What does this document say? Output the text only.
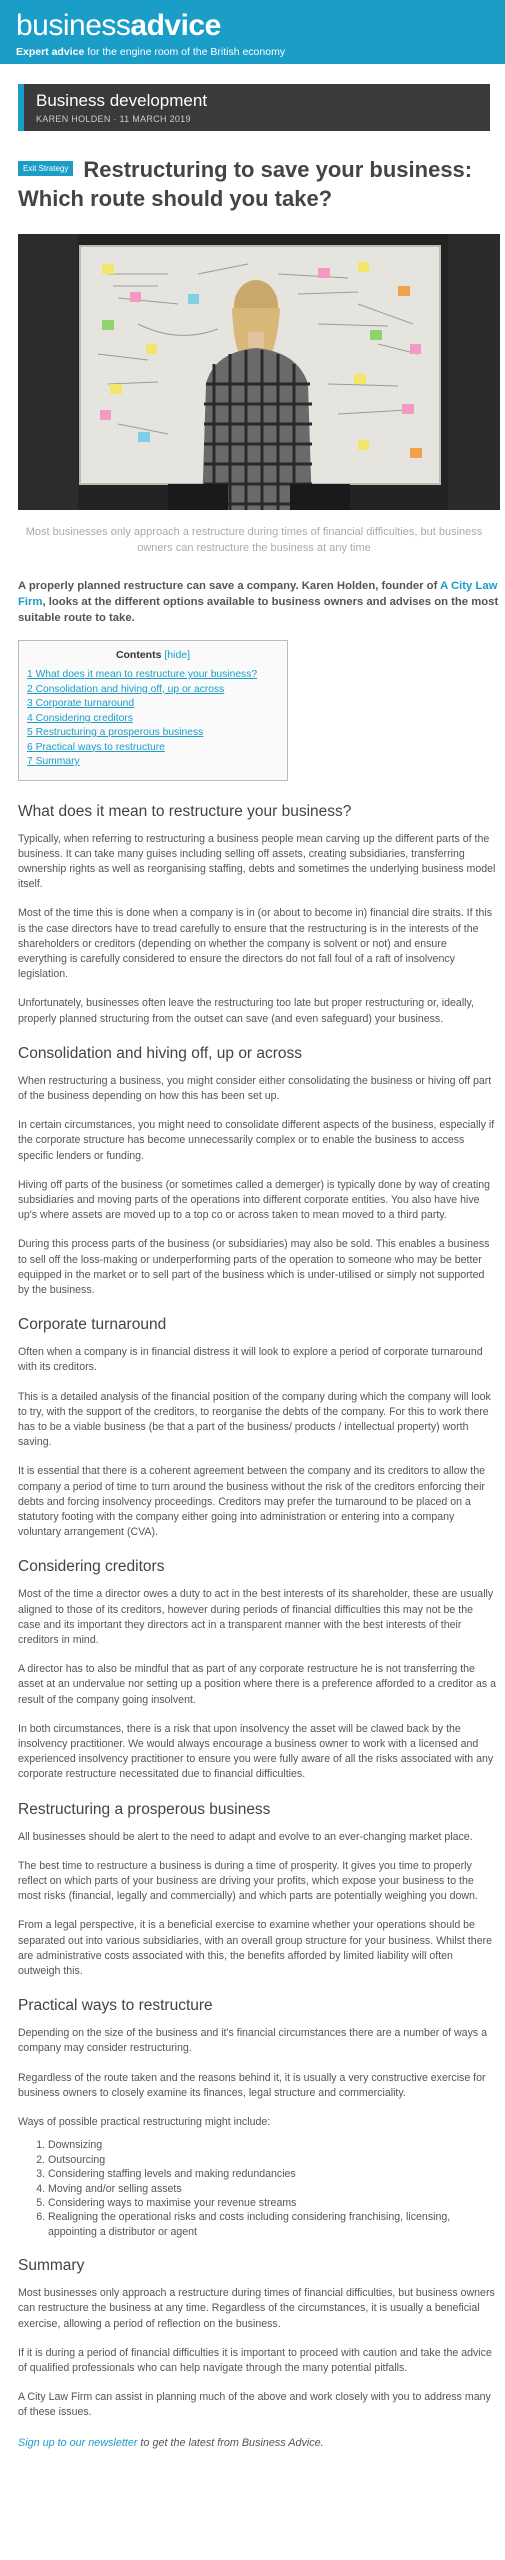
businessadvice
Expert advice for the engine room of the British economy
Business development
KAREN HOLDEN · 11 MARCH 2019
Exit Strategy Restructuring to save your business: Which route should you take?

Most businesses only approach a restructure during times of financial difficulties, but business owners can restructure the business at any time

A properly planned restructure can save a company. Karen Holden, founder of A City Law Firm, looks at the different options available to business owners and advises on the most suitable route to take.

Contents [hide]
1 What does it mean to restructure your business?
2 Consolidation and hiving off, up or across
3 Corporate turnaround
4 Considering creditors
5 Restructuring a prosperous business
6 Practical ways to restructure
7 Summary
What does it mean to restructure your business?

Typically, when referring to restructuring a business people mean carving up the different parts of the business. It can take many guises including selling off assets, creating subsidiaries, transferring ownership rights as well as reorganising staffing, debts and sometimes the underlying business model itself.

Most of the time this is done when a company is in (or about to become in) financial dire straits. If this is the case directors have to tread carefully to ensure that the restructuring is in the interests of the shareholders or creditors (depending on whether the company is solvent or not) and ensure everything is carefully considered to ensure the directors do not fall foul of a raft of insolvency legislation.

Unfortunately, businesses often leave the restructuring too late but proper restructuring or, ideally, properly planned structuring from the outset can save (and even safeguard) your business.

Consolidation and hiving off, up or across

When restructuring a business, you might consider either consolidating the business or hiving off part of the business depending on how this has been set up.

In certain circumstances, you might need to consolidate different aspects of the business, especially if the corporate structure has become unnecessarily complex or to enable the business to access specific lenders or funding.

Hiving off parts of the business (or sometimes called a demerger) is typically done by way of creating subsidiaries and moving parts of the operations into different corporate entities. You also have hive up's where assets are moved up to a top co or across taken to mean moved to a third party.

During this process parts of the business (or subsidiaries) may also be sold. This enables a business to sell off the loss-making or underperforming parts of the operation to someone who may be better equipped in the market or to sell part of the business which is under-utilised or simply not supported by the business.

Corporate turnaround

Often when a company is in financial distress it will look to explore a period of corporate turnaround with its creditors.

This is a detailed analysis of the financial position of the company during which the company will look to try, with the support of the creditors, to reorganise the debts of the company. For this to work there has to be a viable business (be that a part of the business/ products / intellectual property) worth saving.

It is essential that there is a coherent agreement between the company and its creditors to allow the company a period of time to turn around the business without the risk of the creditors enforcing their debts and forcing insolvency proceedings. Creditors may prefer the turnaround to be placed on a statutory footing with the company either going into administration or entering into a company voluntary arrangement (CVA).

Considering creditors

Most of the time a director owes a duty to act in the best interests of its shareholder, these are usually aligned to those of its creditors, however during periods of financial difficulties this may not be the case and its important they directors act in a transparent manner with the best interests of their creditors in mind.

A director has to also be mindful that as part of any corporate restructure he is not transferring the asset at an undervalue nor setting up a position where there is a preference afforded to a creditor as a result of the company going insolvent.

In both circumstances, there is a risk that upon insolvency the asset will be clawed back by the insolvency practitioner. We would always encourage a business owner to work with a licensed and experienced insolvency practitioner to ensure you were fully aware of all the risks associated with any corporate restructure necessitated due to financial difficulties.

Restructuring a prosperous business

All businesses should be alert to the need to adapt and evolve to an ever-changing market place.

The best time to restructure a business is during a time of prosperity. It gives you time to properly reflect on which parts of your business are driving your profits, which expose your business to the most risks (financial, legally and commercially) and which parts are potentially weighing you down.

From a legal perspective, it is a beneficial exercise to examine whether your operations should be separated out into various subsidiaries, with an overall group structure for your business. Whilst there are administrative costs associated with this, the benefits afforded by limited liability will often outweigh this.

Practical ways to restructure

Depending on the size of the business and it's financial circumstances there are a number of ways a company may consider restructuring.

Regardless of the route taken and the reasons behind it, it is usually a very constructive exercise for business owners to closely examine its finances, legal structure and commerciality.

Ways of possible practical restructuring might include:

1. Downsizing
2. Outsourcing
3. Considering staffing levels and making redundancies
4. Moving and/or selling assets
5. Considering ways to maximise your revenue streams
6. Realigning the operational risks and costs including considering franchising, licensing, appointing a distributor or agent
Summary

Most businesses only approach a restructure during times of financial difficulties, but business owners can restructure the business at any time. Regardless of the circumstances, it is usually a beneficial exercise, allowing a period of reflection on the business.

If it is during a period of financial difficulties it is important to proceed with caution and take the advice of qualified professionals who can help navigate through the many potential pitfalls.

A City Law Firm can assist in planning much of the above and work closely with you to address many of these issues.

Sign up to our newsletter to get the latest from Business Advice.
